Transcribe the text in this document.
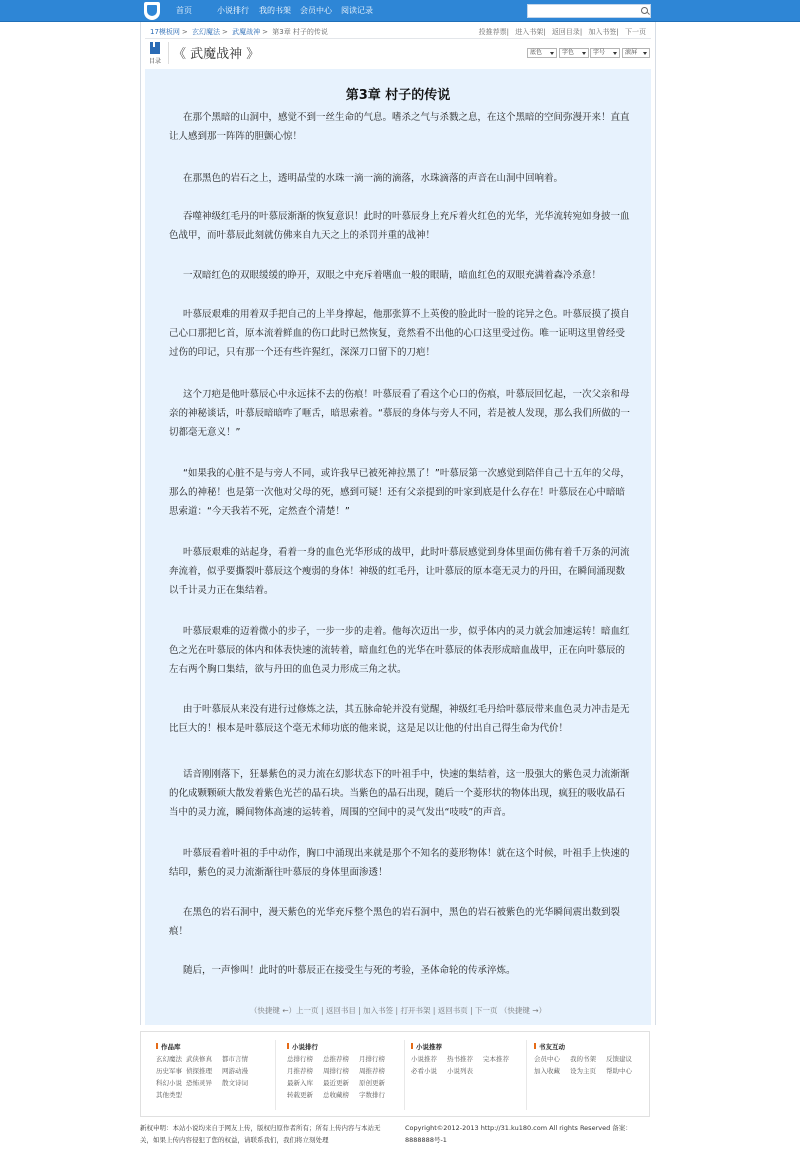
首页	小说排行 我的书架 会员中心 阅读记录
17模板网 > 玄幻魔法 > 武魔战神 > 第3章 村子的传说	投推荐票| 进入书架| 返回目录| 加入书签| 下一页
目录 《 武魔战神 》	底色	字色	字号	滚屏
第3章 村子的传说

在那个黑暗的山洞中，感觉不到一丝生命的气息。嗜杀之气与杀戮之息，在这个黑暗的空间弥漫开来！直直让人感到那一阵阵的胆颤心惊！

在那黑色的岩石之上，透明晶莹的水珠一滴一滴的滴落，水珠滴落的声音在山洞中回响着。

吞噬神级红毛丹的叶慕辰渐渐的恢复意识！此时的叶慕辰身上充斥着火红色的光华，光华流转宛如身披一血色战甲，而叶慕辰此刻就仿佛来自九天之上的杀罚并重的战神！

一双暗红色的双眼缓缓的睁开，双眼之中充斥着嗜血一般的眼睛，暗血红色的双眼充满着森冷杀意！

叶慕辰艰难的用着双手把自己的上半身撑起，他那张算不上英俊的脸此时一脸的诧异之色。叶慕辰摸了摸自己心口那把匕首，原本流着鲜血的伤口此时已然恢复，竟然看不出他的心口这里受过伤。唯一证明这里曾经受过伤的印记，只有那一个还有些许猩红，深深刀口留下的刀疤！

这个刀疤是他叶慕辰心中永远抹不去的伤痕！叶慕辰看了看这个心口的伤痕，叶慕辰回忆起，一次父亲和母亲的神秘谈话，叶慕辰暗暗咋了咂舌，暗思索着。“慕辰的身体与旁人不同，若是被人发现，那么我们所做的一切都毫无意义！”

“如果我的心脏不是与旁人不同，或许我早已被死神拉黑了！”叶慕辰第一次感觉到陪伴自己十五年的父母，那么的神秘！也是第一次他对父母的死，感到可疑！还有父亲提到的叶家到底是什么存在！叶慕辰在心中暗暗思索道：“今天我若不死，定然查个清楚！”

叶慕辰艰难的站起身，看着一身的血色光华形成的战甲，此时叶慕辰感觉到身体里面仿佛有着千万条的河流奔流着，似乎要撕裂叶慕辰这个瘦弱的身体！神级的红毛丹，让叶慕辰的原本毫无灵力的丹田，在瞬间涌现数以千计灵力正在集结着。

叶慕辰艰难的迈着微小的步子，一步一步的走着。他每次迈出一步，似乎体内的灵力就会加速运转！暗血红色之光在叶慕辰的体内和体表快速的流转着，暗血红色的光华在叶慕辰的体表形成暗血战甲，正在向叶慕辰的左右两个胸口集结，欲与丹田的血色灵力形成三角之状。

由于叶慕辰从来没有进行过修炼之法，其五脉命轮并没有觉醒，神级红毛丹给叶慕辰带来血色灵力冲击是无比巨大的！根本是叶慕辰这个毫无术师功底的他来说，这是足以让他的付出自己得生命为代价！

话音刚刚落下，狂暴紫色的灵力流在幻影状态下的叶祖手中，快速的集结着，这一股强大的紫色灵力流渐渐的化成颗颗硕大散发着紫色光芒的晶石块。当紫色的晶石出现，随后一个菱形状的物体出现，疯狂的吸收晶石当中的灵力流，瞬间物体高速的运转着，周围的空间中的灵气发出“吱吱”的声音。

叶慕辰看着叶祖的手中动作，胸口中涌现出来就是那个不知名的菱形物体！就在这个时候，叶祖手上快速的结印，紫色的灵力流渐渐往叶慕辰的身体里面渗透！

在黑色的岩石洞中，漫天紫色的光华充斥整个黑色的岩石洞中，黑色的岩石被紫色的光华瞬间震出数到裂痕！

随后，一声惨叫！此时的叶慕辰正在接受生与死的考验，圣体命轮的传承淬炼。

（快捷键 ←）上一页 | 返回书目 | 加入书签 | 打开书架 | 返回书页 | 下一页 （快捷键 →）
作品库
玄幻魔法 武侠修真 都市言情
历史军事 侦探推理 网游动漫
科幻小说 恐怖灵异 散文诗词
其他类型
小说排行
总排行榜 总推荐榜 月排行榜
月推荐榜 周排行榜 周推荐榜
最新入库 最近更新 原创更新
转载更新 总收藏榜 字数排行
小说推荐
小说推荐 热书推荐 完本推荐
必看小说 小说列表
书友互动
会员中心 我的书架 反馈建议
加入收藏 设为主页 帮助中心
新权申明：本站小说均来自于网友上传，版权归原作者所有；所有上传内容与本站无关，如果上传内容侵犯了您的权益，请联系我们，我们将立刻处理
Copyright©2012-2013 http://31.ku180.com All rights Reserved 备案：8888888号-1
